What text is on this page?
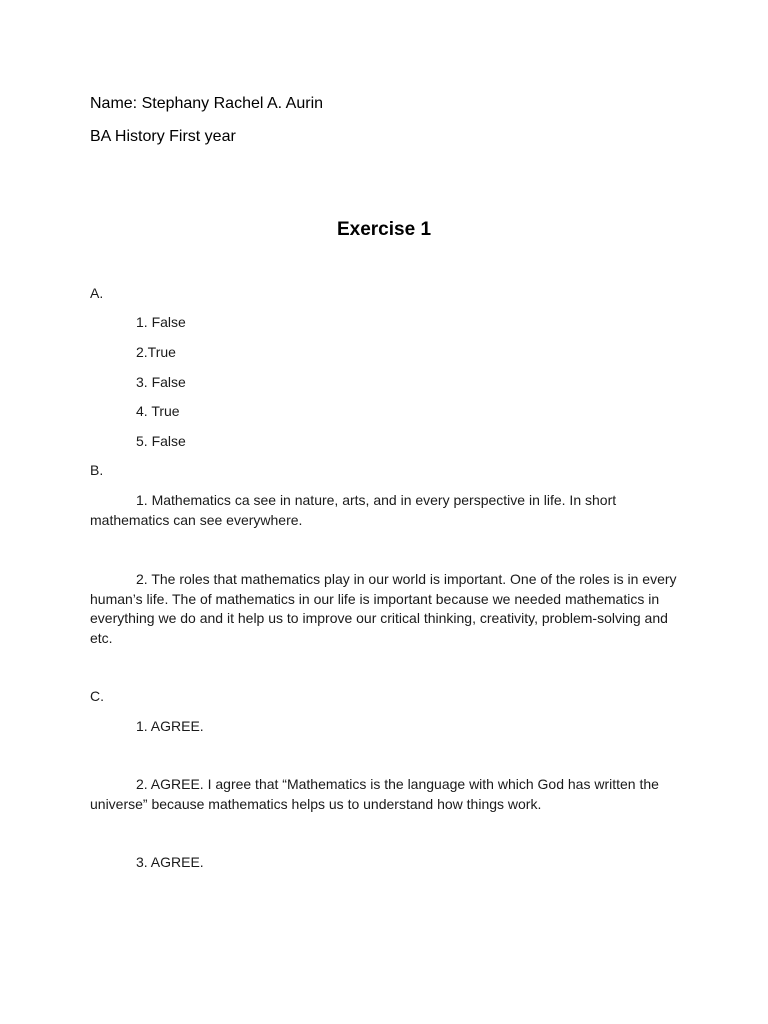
Name: Stephany Rachel A. Aurin
BA History First year
Exercise 1
A.
1. False
2.True
3. False
4. True
5. False
B.
1. Mathematics ca see in nature, arts, and in every perspective in life. In short mathematics can see everywhere.
2. The roles that mathematics play in our world is important. One of the roles is in every human’s life. The of mathematics in our life is important because we needed mathematics in everything we do and it help us to improve our critical thinking, creativity, problem-solving and etc.
C.
1. AGREE.
2. AGREE. I agree that “Mathematics is the language with which God has written the universe” because mathematics helps us to understand how things work.
3. AGREE.
